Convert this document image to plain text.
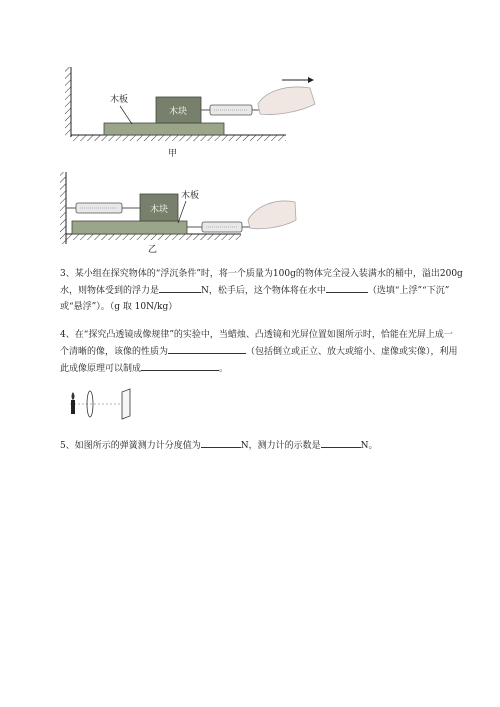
木块
木板
甲
木块
木板
乙
3、某小组在探究物体的“浮沉条件”时，将一个质量为100g的物体完全浸入装满水的桶中，溢出200g
水，则物体受到的浮力是	N，松手后，这个物体将在水中	（选填“上浮”“下沉”
或“悬浮”）。（g 取 10N/kg）
4、在“探究凸透镜成像规律”的实验中，当蜡烛、凸透镜和光屏位置如图所示时，恰能在光屏上成一
个清晰的像，该像的性质为	（包括倒立或正立、放大或缩小、虚像或实像），利用
此成像原理可以制成	。
5、如图所示的弹簧测力计分度值为	N，测力计的示数是	N。
